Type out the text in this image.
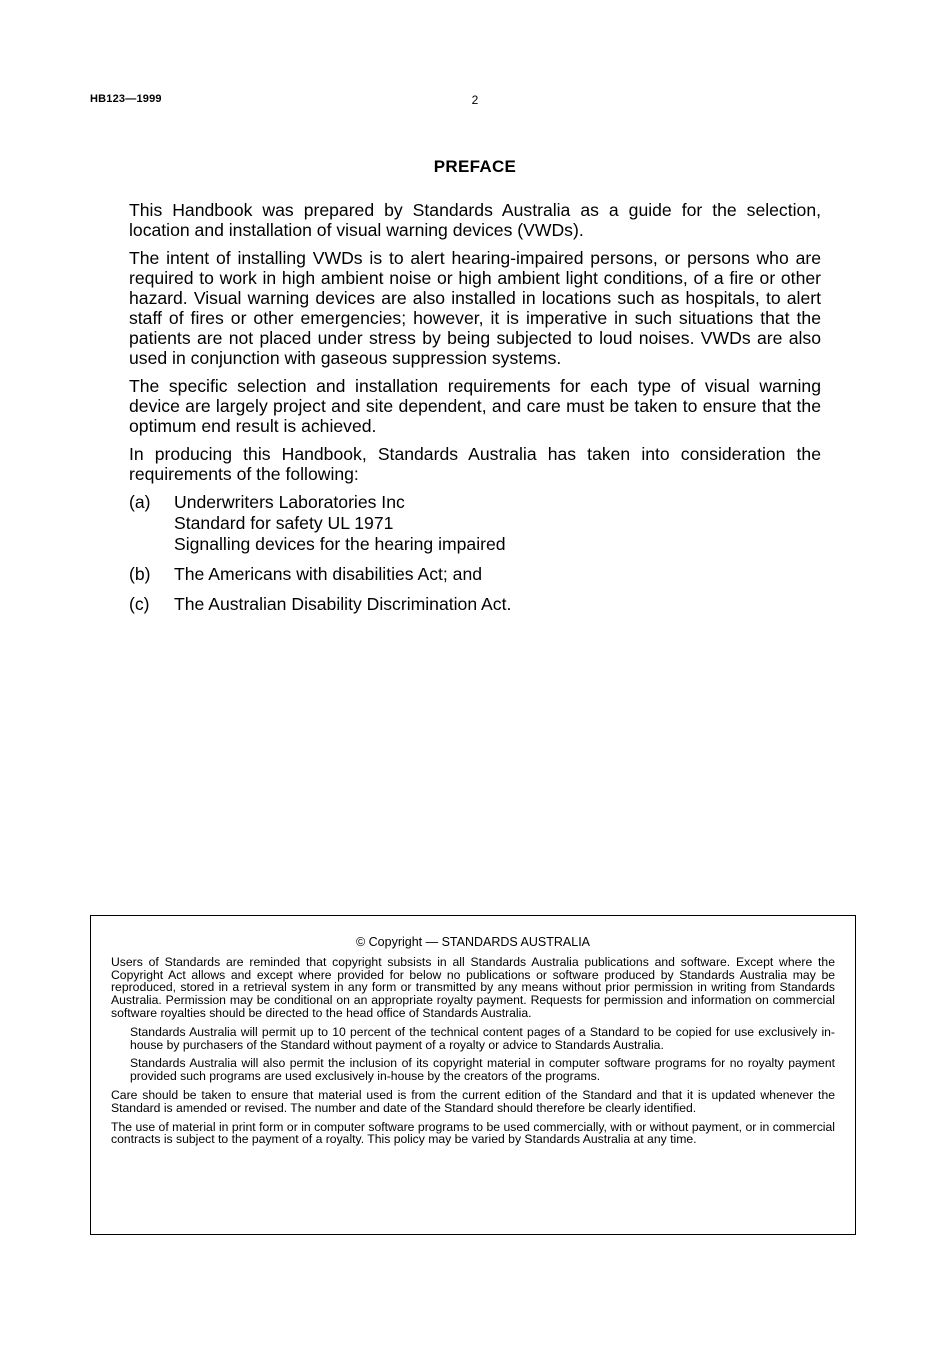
HB123—1999	2
PREFACE

This Handbook was prepared by Standards Australia as a guide for the selection, location and installation of visual warning devices (VWDs).

The intent of installing VWDs is to alert hearing-impaired persons, or persons who are required to work in high ambient noise or high ambient light conditions, of a fire or other hazard. Visual warning devices are also installed in locations such as hospitals, to alert staff of fires or other emergencies; however, it is imperative in such situations that the patients are not placed under stress by being subjected to loud noises. VWDs are also used in conjunction with gaseous suppression systems.

The specific selection and installation requirements for each type of visual warning device are largely project and site dependent, and care must be taken to ensure that the optimum end result is achieved.

In producing this Handbook, Standards Australia has taken into consideration the requirements of the following:

(a)	Underwriters Laboratories Inc
Standard for safety UL 1971
Signalling devices for the hearing impaired
(b)	The Americans with disabilities Act; and
(c)	The Australian Disability Discrimination Act.
© Copyright — STANDARDS AUSTRALIA

Users of Standards are reminded that copyright subsists in all Standards Australia publications and software. Except where the Copyright Act allows and except where provided for below no publications or software produced by Standards Australia may be reproduced, stored in a retrieval system in any form or transmitted by any means without prior permission in writing from Standards Australia. Permission may be conditional on an appropriate royalty payment. Requests for permission and information on commercial software royalties should be directed to the head office of Standards Australia.

Standards Australia will permit up to 10 percent of the technical content pages of a Standard to be copied for use exclusively in-house by purchasers of the Standard without payment of a royalty or advice to Standards Australia.

Standards Australia will also permit the inclusion of its copyright material in computer software programs for no royalty payment provided such programs are used exclusively in-house by the creators of the programs.

Care should be taken to ensure that material used is from the current edition of the Standard and that it is updated whenever the Standard is amended or revised. The number and date of the Standard should therefore be clearly identified.

The use of material in print form or in computer software programs to be used commercially, with or without payment, or in commercial contracts is subject to the payment of a royalty. This policy may be varied by Standards Australia at any time.
